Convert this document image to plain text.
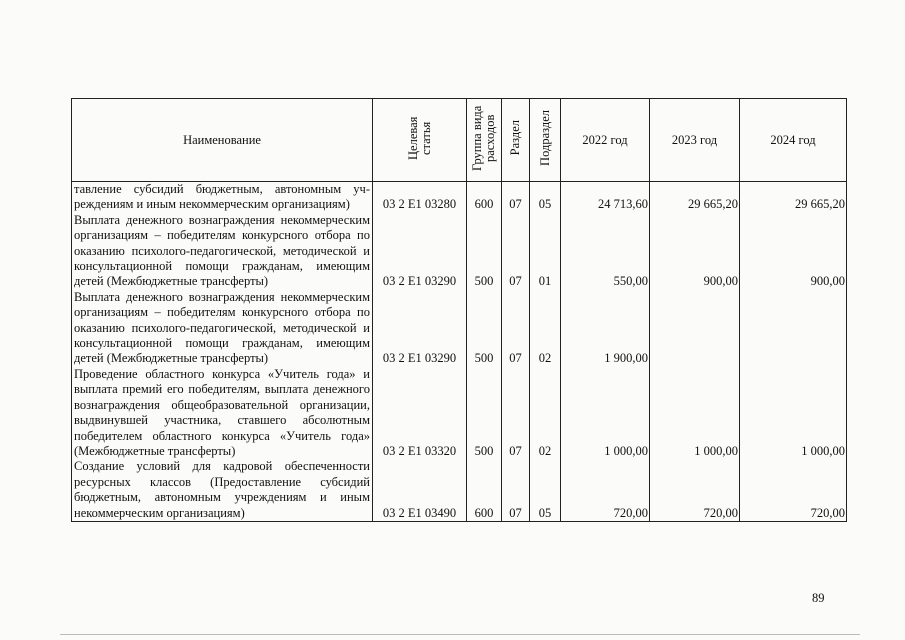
Наименование	Целевая статья	Группа вида расходов	Раздел	Подраздел	2022 год	2023 год	2024 год
тавление субсидий бюджетным, автономным учреждениям и иным некоммерческим организациям)	03 2 E1 03280	600	07	05	24 713,60	29 665,20	29 665,20
Выплата денежного вознаграждения некоммерческим организациям – победителям конкурсного отбора по оказанию психолого-педагогической, методической и консультационной помощи гражданам, имеющим детей (Межбюджетные трансферты)	03 2 E1 03290	500	07	01	550,00	900,00	900,00
Выплата денежного вознаграждения некоммерческим организациям – победителям конкурсного отбора по оказанию психолого-педагогической, методической и консультационной помощи гражданам, имеющим детей (Межбюджетные трансферты)	03 2 E1 03290	500	07	02	1 900,00		
Проведение областного конкурса «Учитель года» и выплата премий его победителям, выплата денежного вознаграждения общеобразовательной организации, выдвинувшей участника, ставшего абсолютным победителем областного конкурса «Учитель года» (Межбюджетные трансферты)	03 2 E1 03320	500	07	02	1 000,00	1 000,00	1 000,00
Создание условий для кадровой обеспеченности ресурсных классов (Предоставление субсидий бюджетным, автономным учреждениям и иным некоммерческим организациям)	03 2 E1 03490	600	07	05	720,00	720,00	720,00
89
